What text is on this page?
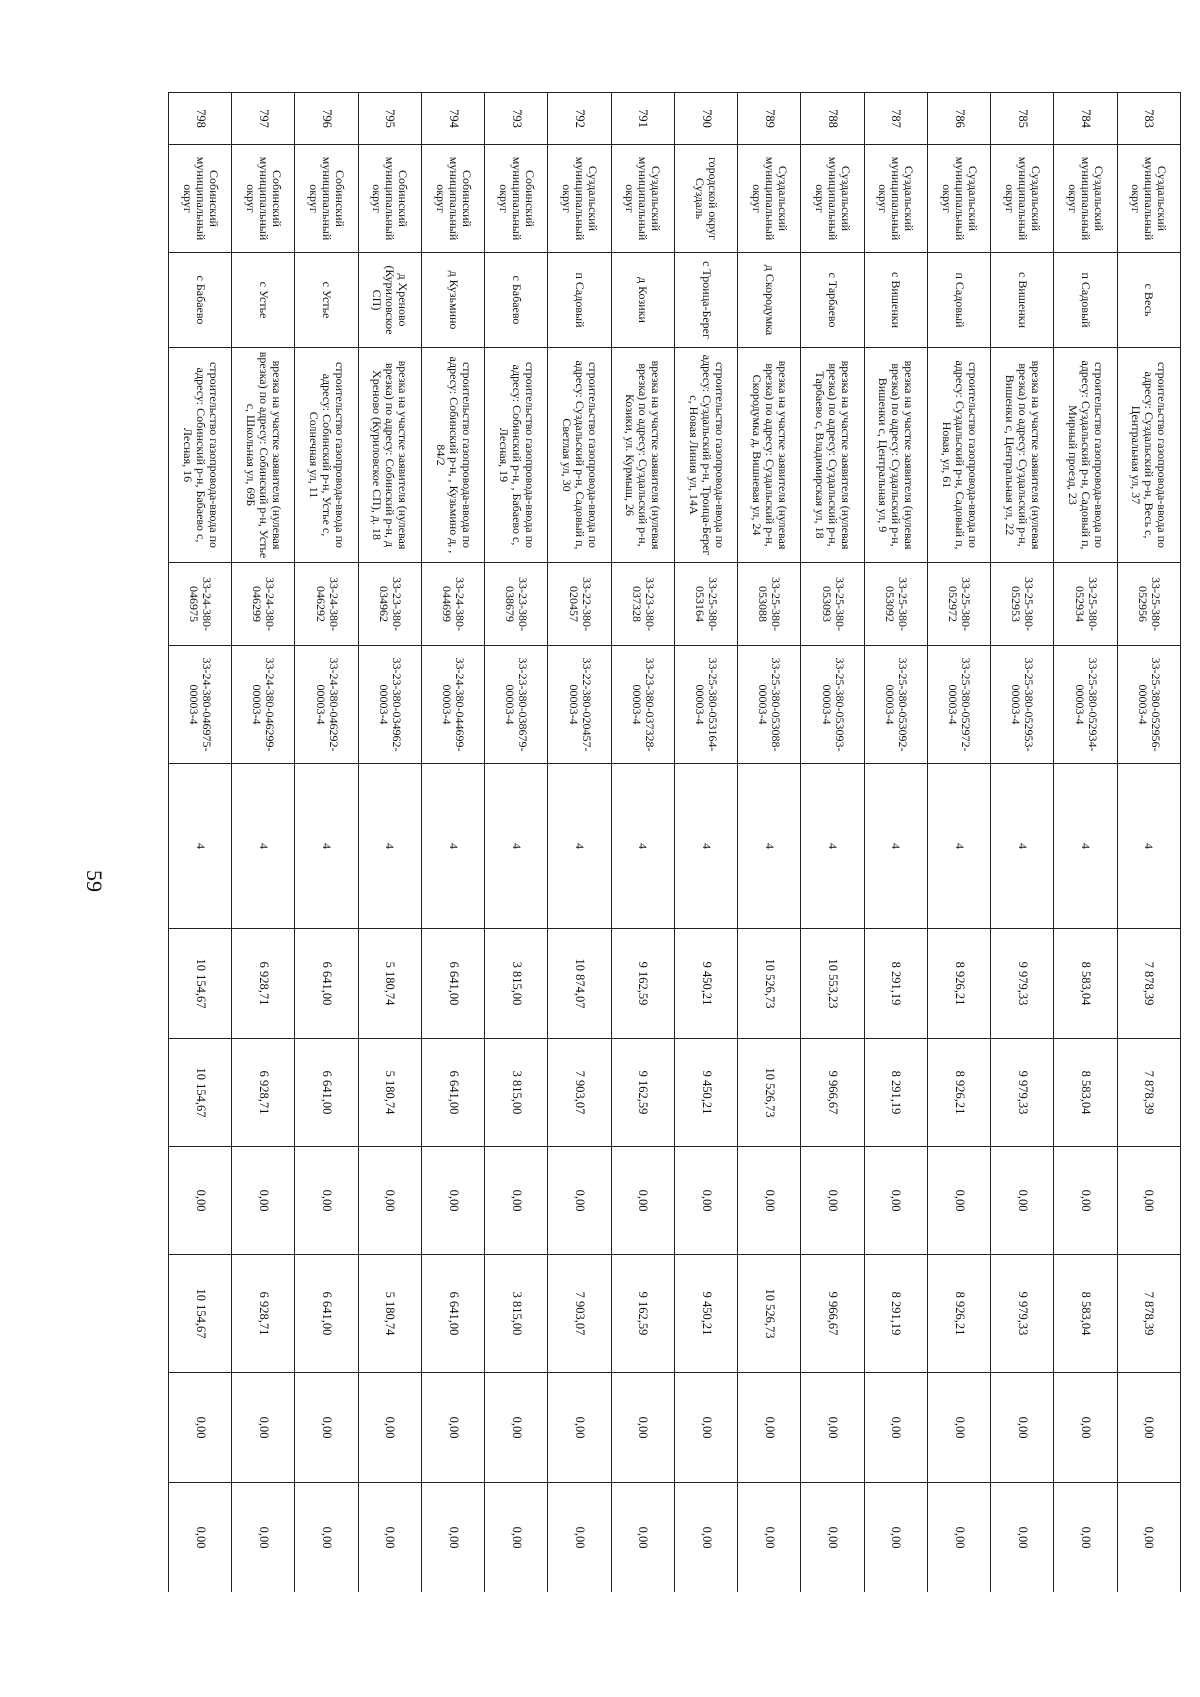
59
783	Суздальский муниципальный округ	с Весь	строительство газопровода-ввода по адресу: Суздальский р-н, Весь с, Центральная ул, 37	33-25-380-052956	33-25-380-052956-00003-4	4	7 878,39	7 878,39	0,00	7 878,39	0,00	0,00
784	Суздальский муниципальный округ	п Садовый	строительство газопровода-ввода по адресу: Суздальский р-н, Садовый п, Мирный проезд, 23	33-25-380-052934	33-25-380-052934-00003-4	4	8 583,04	8 583,04	0,00	8 583,04	0,00	0,00
785	Суздальский муниципальный округ	с Вишенки	врезка на участке заявителя (нулевая врезка) по адресу: Суздальский р-н, Вишенки с, Центральная ул, 22	33-25-380-052953	33-25-380-052953-00003-4	4	9 979,33	9 979,33	0,00	9 979,33	0,00	0,00
786	Суздальский муниципальный округ	п Садовый	строительство газопровода-ввода по адресу: Суздальский р-н, Садовый п, Новая, ул, 61	33-25-380-052972	33-25-380-052972-00003-4	4	8 926,21	8 926,21	0,00	8 926,21	0,00	0,00
787	Суздальский муниципальный округ	с Вишенки	врезка на участке заявителя (нулевая врезка) по адресу: Суздальский р-н, Вишенки с, Центральная ул, 9	33-25-380-053092	33-25-380-053092-00003-4	4	8 291,19	8 291,19	0,00	8 291,19	0,00	0,00
788	Суздальский муниципальный округ	с Тарбаево	врезка на участке заявителя (нулевая врезка) по адресу: Суздальский р-н, Тарбаево с, Владимирская ул, 18	33-25-380-053093	33-25-380-053093-00003-4	4	10 553,23	9 966,67	0,00	9 966,67	0,00	0,00
789	Суздальский муниципальный округ	д Скородумка	врезка на участке заявителя (нулевая врезка) по адресу: Суздальский р-н, Скородумка д, Вишневая ул, 24	33-25-380-053088	33-25-380-053088-00003-4	4	10 526,73	10 526,73	0,00	10 526,73	0,00	0,00
790	городской округ Суздаль	с Троица-Берег	строительство газопровода-ввода по адресу: Суздальский р-н, Троица-Берег с, Новая Линия ул, 14А	33-25-380-053164	33-25-380-053164-00003-4	4	9 450,21	9 450,21	0,00	9 450,21	0,00	0,00
791	Суздальский муниципальный округ	д Козики	врезка на участке заявителя (нулевая врезка) по адресу: Суздальский р-н, Козики, ул. Курмыш, 26	33-23-380-037328	33-23-380-037328-00003-4	4	9 162,59	9 162,59	0,00	9 162,59	0,00	0,00
792	Суздальский муниципальный округ	п Садовый	строительство газопровода-ввода по адресу: Суздальский р-н, Садовый п, Светлая ул, 30	33-22-380-020457	33-22-380-020457-00003-4	4	10 874,07	7 903,07	0,00	7 903,07	0,00	0,00
793	Собинский муниципальный округ	с Бабаево	строительство газопровода-ввода по адресу: Собинский р-н, , Бабаево с, Лесная, 19	33-23-380-038679	33-23-380-038679-00003-4	4	3 815,00	3 815,00	0,00	3 815,00	0,00	0,00
794	Собинский муниципальный округ	д Кузьмино	строительство газопровода-ввода по адресу: Собинский р-н, , Кузьмино д, , 84/2	33-24-380-044699	33-24-380-044699-00003-4	4	6 641,00	6 641,00	0,00	6 641,00	0,00	0,00
795	Собинский муниципальный округ	д Хреново (Куриловское СП)	врезка на участке заявителя (нулевая врезка) по адресу: Собинский р-н, д Хреново (Куриловское СП), д. 18	33-23-380-034962	33-23-380-034962-00003-4	4	5 180,74	5 180,74	0,00	5 180,74	0,00	0,00
796	Собинский муниципальный округ	с Устье	строительство газопровода-ввода по адресу: Собинский р-н, Устье с, Солнечная ул, 11	33-24-380-046292	33-24-380-046292-00003-4	4	6 641,00	6 641,00	0,00	6 641,00	0,00	0,00
797	Собинский муниципальный округ	с Устье	врезка на участке заявителя (нулевая врезка) по адресу: Собинский р-н, Устье с, Школьная ул, 69Б	33-24-380-046299	33-24-380-046299-00003-4	4	6 928,71	6 928,71	0,00	6 928,71	0,00	0,00
798	Собинский муниципальный округ	с Бабаево	строительство газопровода-ввода по адресу: Собинский р-н, Бабаево с, Лесная, 16	33-24-380-046975	33-24-380-046975-00003-4	4	10 154,67	10 154,67	0,00	10 154,67	0,00	0,00
